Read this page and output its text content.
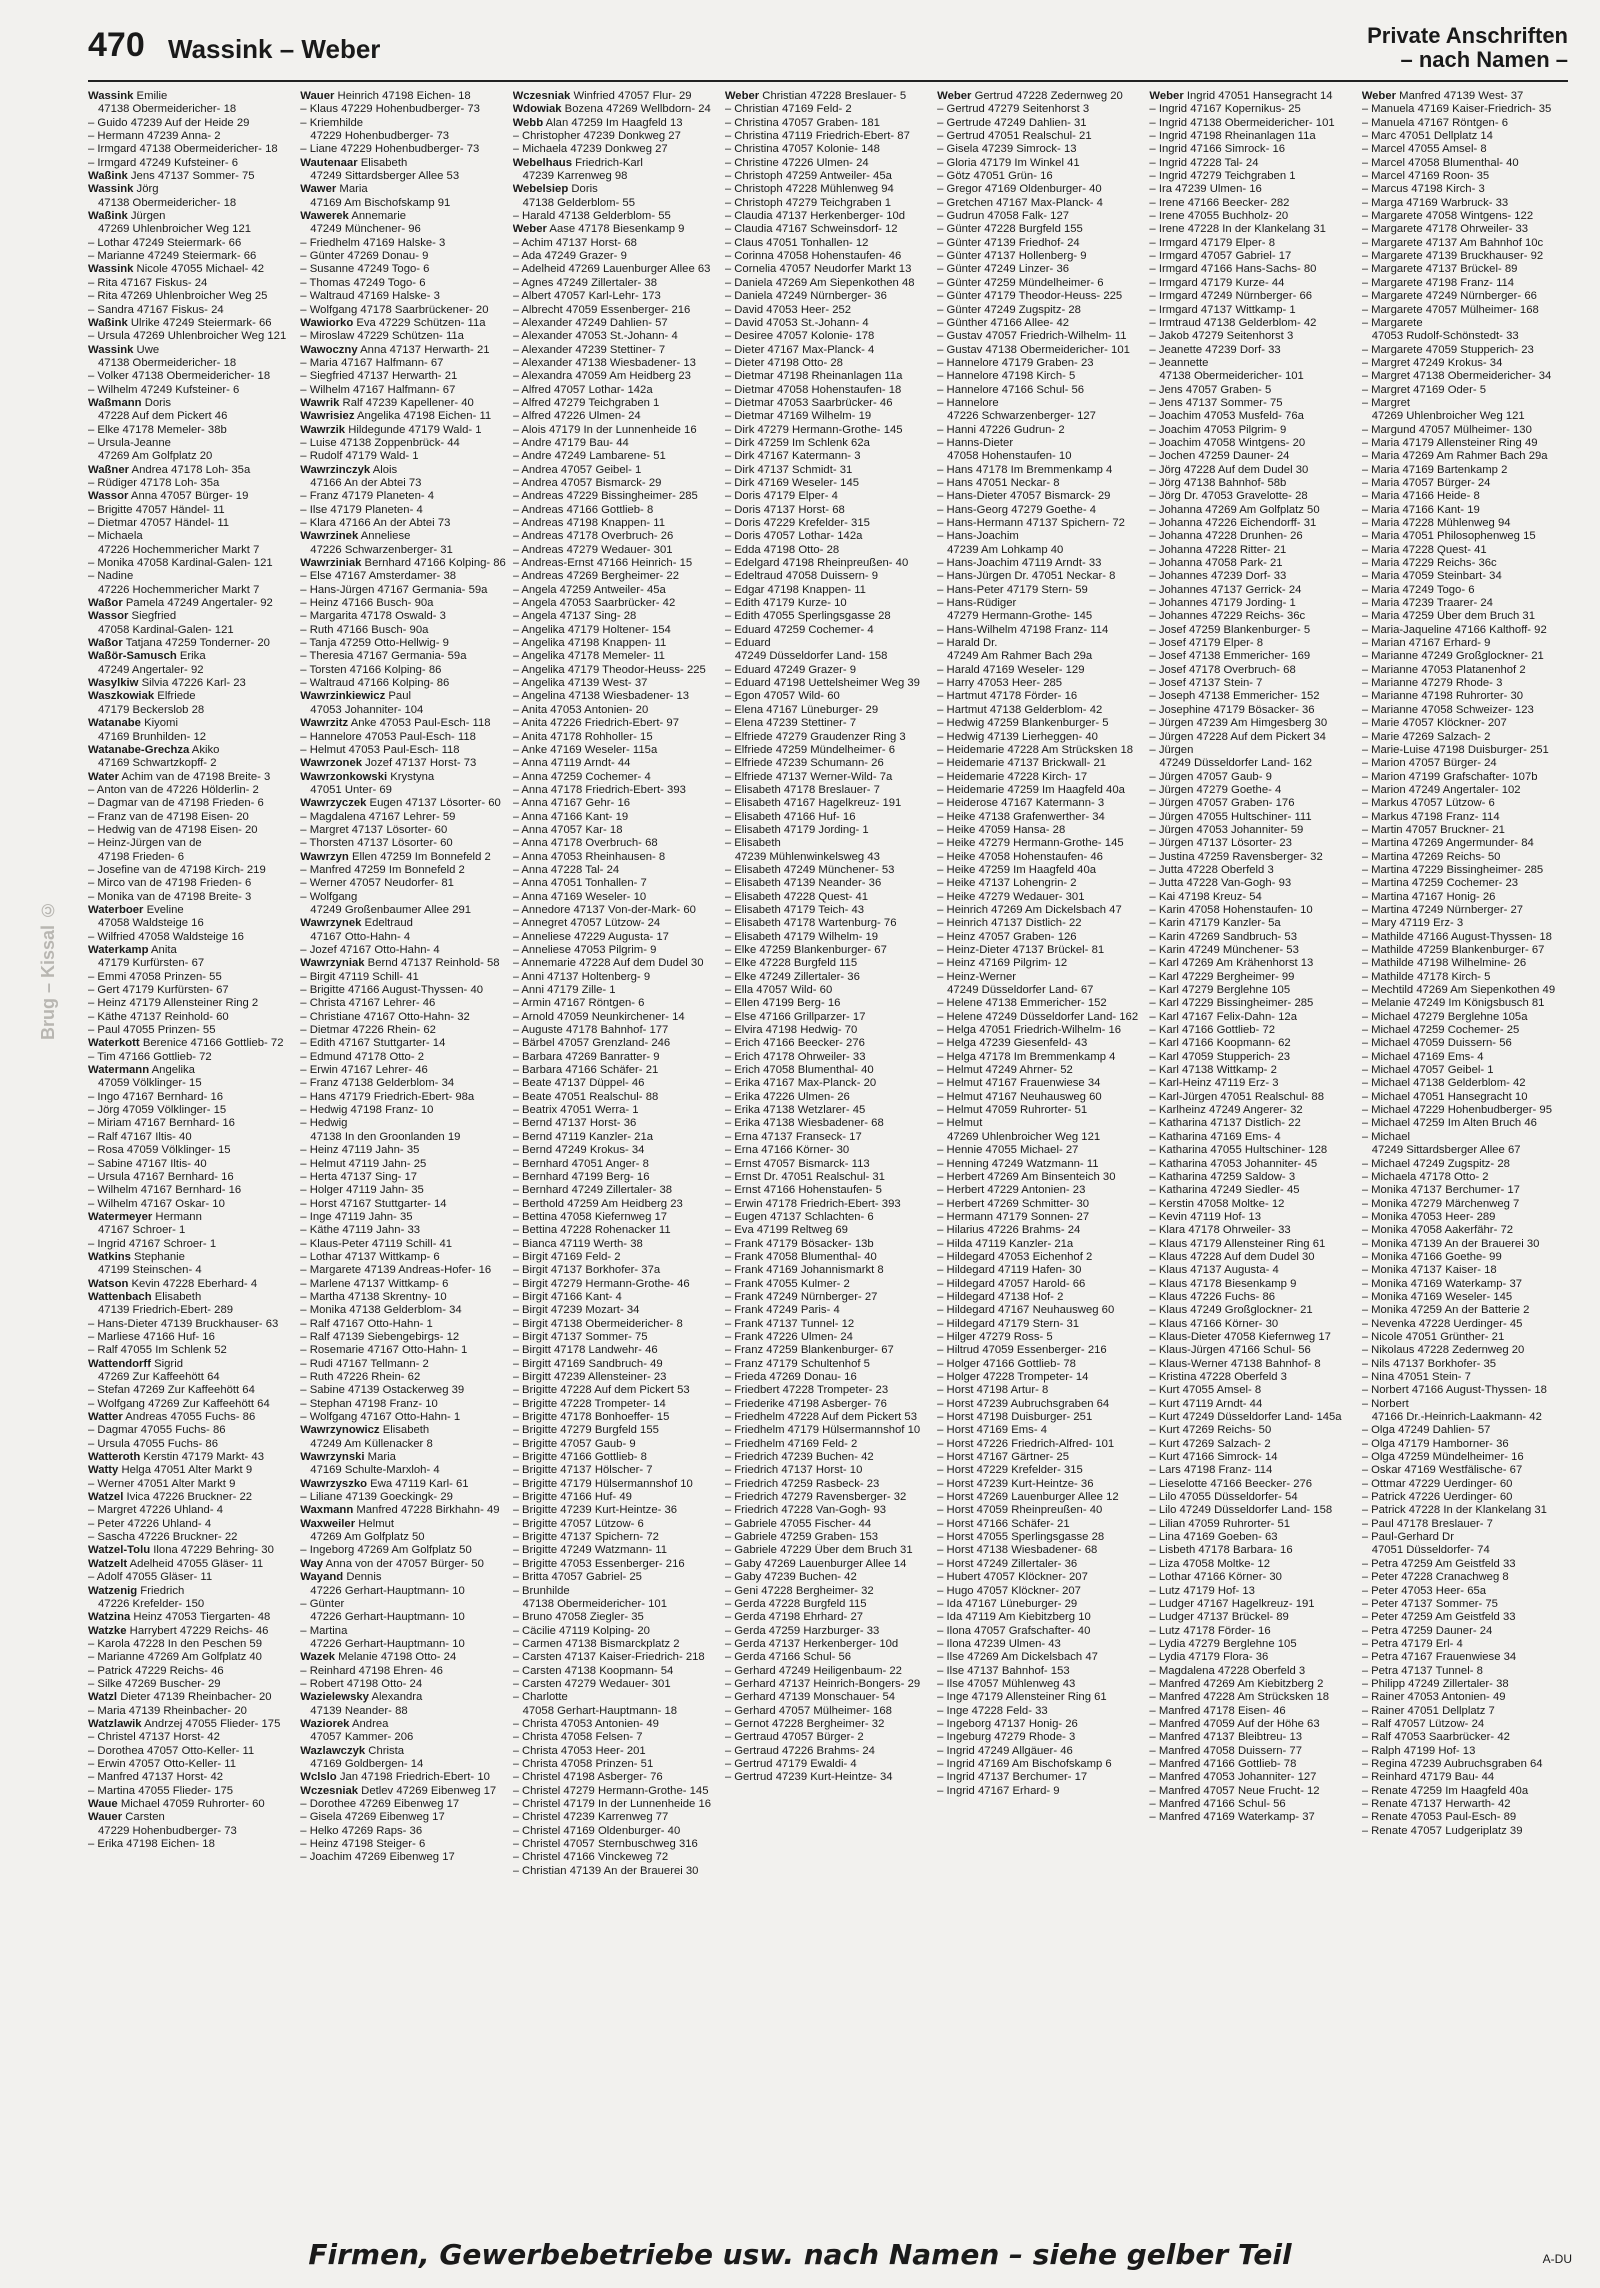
470 Wassink – Weber	Private Anschriften
– nach Namen –
Brug – Kissal ©
Wassink Emilie
47138 Obermeidericher- 18
– Guido 47239 Auf der Heide 29
– Hermann 47239 Anna- 2
– Irmgard 47138 Obermeidericher- 18
– Irmgard 47249 Kufsteiner- 6
Waßink Jens 47137 Sommer- 75
Wassink Jörg
47138 Obermeidericher- 18
Waßink Jürgen
47269 Uhlenbroicher Weg 121
– Lothar 47249 Steiermark- 66
– Marianne 47249 Steiermark- 66
Wassink Nicole 47055 Michael- 42
– Rita 47167 Fiskus- 24
– Rita 47269 Uhlenbroicher Weg 25
– Sandra 47167 Fiskus- 24
Waßink Ulrike 47249 Steiermark- 66
– Ursula 47269 Uhlenbroicher Weg 121
Wassink Uwe
47138 Obermeidericher- 18
– Volker 47138 Obermeidericher- 18
– Wilhelm 47249 Kufsteiner- 6
Waßmann Doris
47228 Auf dem Pickert 46
– Elke 47178 Memeler- 38b
– Ursula-Jeanne
47269 Am Golfplatz 20
Waßner Andrea 47178 Loh- 35a
– Rüdiger 47178 Loh- 35a
Wassor Anna 47057 Bürger- 19
– Brigitte 47057 Händel- 11
– Dietmar 47057 Händel- 11
– Michaela
47226 Hochemmericher Markt 7
– Monika 47058 Kardinal-Galen- 121
– Nadine
47226 Hochemmericher Markt 7
Waßor Pamela 47249 Angertaler- 92
Wassor Siegfried
47058 Kardinal-Galen- 121
Waßor Tatjana 47259 Tonderner- 20
Waßör-Samusch Erika
47249 Angertaler- 92
Wasylkiw Silvia 47226 Karl- 23
Waszkowiak Elfriede
47179 Beckerslob 28
Watanabe Kiyomi
47169 Brunhilden- 12
Watanabe-Grechza Akiko
47169 Schwartzkopff- 2
Water Achim van de 47198 Breite- 3
– Anton van de 47226 Hölderlin- 2
– Dagmar van de 47198 Frieden- 6
– Franz van de 47198 Eisen- 20
– Hedwig van de 47198 Eisen- 20
– Heinz-Jürgen van de
47198 Frieden- 6
– Josefine van de 47198 Kirch- 219
– Mirco van de 47198 Frieden- 6
– Monika van de 47198 Breite- 3
Waterboer Eveline
47058 Waldsteige 16
– Wilfried 47058 Waldsteige 16
Waterkamp Anita
47179 Kurfürsten- 67
– Emmi 47058 Prinzen- 55
– Gert 47179 Kurfürsten- 67
– Heinz 47179 Allensteiner Ring 2
– Käthe 47137 Reinhold- 60
– Paul 47055 Prinzen- 55
Waterkott Berenice 47166 Gottlieb- 72
– Tim 47166 Gottlieb- 72
Watermann Angelika
47059 Völklinger- 15
– Ingo 47167 Bernhard- 16
– Jörg 47059 Völklinger- 15
– Miriam 47167 Bernhard- 16
– Ralf 47167 Iltis- 40
– Rosa 47059 Völklinger- 15
– Sabine 47167 Iltis- 40
– Ursula 47167 Bernhard- 16
– Wilhelm 47167 Bernhard- 16
– Wilhelm 47167 Oskar- 10
Watermeyer Hermann
47167 Schroer- 1
– Ingrid 47167 Schroer- 1
Watkins Stephanie
47199 Steinschen- 4
Watson Kevin 47228 Eberhard- 4
Wattenbach Elisabeth
47139 Friedrich-Ebert- 289
– Hans-Dieter 47139 Bruckhauser- 63
– Marliese 47166 Huf- 16
– Ralf 47055 Im Schlenk 52
Wattendorff Sigrid
47269 Zur Kaffeehött 64
– Stefan 47269 Zur Kaffeehött 64
– Wolfgang 47269 Zur Kaffeehött 64
Watter Andreas 47055 Fuchs- 86
– Dagmar 47055 Fuchs- 86
– Ursula 47055 Fuchs- 86
Watteroth Kerstin 47179 Markt- 43
Watty Helga 47051 Alter Markt 9
– Werner 47051 Alter Markt 9
Watzel Ivica 47226 Bruckner- 22
– Margret 47226 Uhland- 4
– Peter 47226 Uhland- 4
– Sascha 47226 Bruckner- 22
Watzel-Tolu Ilona 47229 Behring- 30
Watzelt Adelheid 47055 Gläser- 11
– Adolf 47055 Gläser- 11
Watzenig Friedrich
47226 Krefelder- 150
Watzina Heinz 47053 Tiergarten- 48
Watzke Harrybert 47229 Reichs- 46
– Karola 47228 In den Peschen 59
– Marianne 47269 Am Golfplatz 40
– Patrick 47229 Reichs- 46
– Silke 47269 Buscher- 29
Watzl Dieter 47139 Rheinbacher- 20
– Maria 47139 Rheinbacher- 20
Watzlawik Andrzej 47055 Flieder- 175
– Christel 47137 Horst- 42
– Dorothea 47057 Otto-Keller- 11
– Erwin 47057 Otto-Keller- 11
– Manfred 47137 Horst- 42
– Martina 47055 Flieder- 175
Waue Michael 47059 Ruhrorter- 60
Wauer Carsten
47229 Hohenbudberger- 73
– Erika 47198 Eichen- 18
Wauer Heinrich 47198 Eichen- 18
– Klaus 47229 Hohenbudberger- 73
– Kriemhilde
47229 Hohenbudberger- 73
– Liane 47229 Hohenbudberger- 73
Wautenaar Elisabeth
47249 Sittardsberger Allee 53
Wawer Maria
47169 Am Bischofskamp 91
Wawerek Annemarie
47249 Münchener- 96
– Friedhelm 47169 Halske- 3
– Günter 47269 Donau- 9
– Susanne 47249 Togo- 6
– Thomas 47249 Togo- 6
– Waltraud 47169 Halske- 3
– Wolfgang 47178 Saarbrückener- 20
Wawiorko Eva 47229 Schützen- 11a
– Miroslaw 47229 Schützen- 11a
Wawoczny Anna 47137 Herwarth- 21
– Maria 47167 Halfmann- 67
– Siegfried 47137 Herwarth- 21
– Wilhelm 47167 Halfmann- 67
Wawrik Ralf 47239 Kapellener- 40
Wawrisiez Angelika 47198 Eichen- 11
Wawrzik Hildegunde 47179 Wald- 1
– Luise 47138 Zoppenbrück- 44
– Rudolf 47179 Wald- 1
Wawrzinczyk Alois
47166 An der Abtei 73
– Franz 47179 Planeten- 4
– Ilse 47179 Planeten- 4
– Klara 47166 An der Abtei 73
Wawrzinek Anneliese
47226 Schwarzenberger- 31
Wawrziniak Bernhard 47166 Kolping- 86
– Else 47167 Amsterdamer- 38
– Hans-Jürgen 47167 Germania- 59a
– Heinz 47166 Busch- 90a
– Margarita 47178 Oswald- 3
– Ruth 47166 Busch- 90a
– Tanja 47259 Otto-Hellwig- 9
– Theresia 47167 Germania- 59a
– Torsten 47166 Kolping- 86
– Waltraud 47166 Kolping- 86
Wawrzinkiewicz Paul
47053 Johanniter- 104
Wawrzitz Anke 47053 Paul-Esch- 118
– Hannelore 47053 Paul-Esch- 118
– Helmut 47053 Paul-Esch- 118
Wawrzonek Jozef 47137 Horst- 73
Wawrzonkowski Krystyna
47051 Unter- 69
Wawrzyczek Eugen 47137 Lösorter- 60
– Magdalena 47167 Lehrer- 59
– Margret 47137 Lösorter- 60
– Thorsten 47137 Lösorter- 60
Wawrzyn Ellen 47259 Im Bonnefeld 2
– Manfred 47259 Im Bonnefeld 2
– Werner 47057 Neudorfer- 81
– Wolfgang
47249 Großenbaumer Allee 291
Wawrzynek Edeltraud
47167 Otto-Hahn- 4
– Jozef 47167 Otto-Hahn- 4
Wawrzyniak Bernd 47137 Reinhold- 58
– Birgit 47119 Schill- 41
– Brigitte 47166 August-Thyssen- 40
– Christa 47167 Lehrer- 46
– Christiane 47167 Otto-Hahn- 32
– Dietmar 47226 Rhein- 62
– Edith 47167 Stuttgarter- 14
– Edmund 47178 Otto- 2
– Erwin 47167 Lehrer- 46
– Franz 47138 Gelderblom- 34
– Hans 47179 Friedrich-Ebert- 98a
– Hedwig 47198 Franz- 10
– Hedwig
47138 In den Groonlanden 19
– Heinz 47119 Jahn- 35
– Helmut 47119 Jahn- 25
– Herta 47137 Sing- 17
– Holger 47119 Jahn- 35
– Horst 47167 Stuttgarter- 14
– Inge 47119 Jahn- 35
– Käthe 47119 Jahn- 33
– Klaus-Peter 47119 Schill- 41
– Lothar 47137 Wittkamp- 6
– Margarete 47139 Andreas-Hofer- 16
– Marlene 47137 Wittkamp- 6
– Martha 47138 Skrentny- 10
– Monika 47138 Gelderblom- 34
– Ralf 47167 Otto-Hahn- 1
– Ralf 47139 Siebengebirgs- 12
– Rosemarie 47167 Otto-Hahn- 1
– Rudi 47167 Tellmann- 2
– Ruth 47226 Rhein- 62
– Sabine 47139 Ostackerweg 39
– Stephan 47198 Franz- 10
– Wolfgang 47167 Otto-Hahn- 1
Wawrzynowicz Elisabeth
47249 Am Küllenacker 8
Wawrzynski Maria
47169 Schulte-Marxloh- 4
Wawrzyszko Ewa 47119 Karl- 61
– Liliane 47139 Goeckingk- 29
Waxmann Manfred 47228 Birkhahn- 49
Waxweiler Helmut
47269 Am Golfplatz 50
– Ingeborg 47269 Am Golfplatz 50
Way Anna von der 47057 Bürger- 50
Wayand Dennis
47226 Gerhart-Hauptmann- 10
– Günter
47226 Gerhart-Hauptmann- 10
– Martina
47226 Gerhart-Hauptmann- 10
Wazek Melanie 47198 Otto- 24
– Reinhard 47198 Ehren- 46
– Robert 47198 Otto- 24
Wazielewsky Alexandra
47139 Neander- 88
Waziorek Andrea
47057 Kammer- 206
Wazlawczyk Christa
47169 Goldbergen- 14
Wclslo Jan 47198 Friedrich-Ebert- 10
Wczesniak Detlev 47269 Eibenweg 17
– Dorothee 47269 Eibenweg 17
– Gisela 47269 Eibenweg 17
– Helko 47269 Raps- 36
– Heinz 47198 Steiger- 6
– Joachim 47269 Eibenweg 17
Wczesniak Winfried 47057 Flur- 29
Wdowiak Bozena 47269 Wellbdorn- 24
Webb Alan 47259 Im Haagfeld 13
– Christopher 47239 Donkweg 27
– Michaela 47239 Donkweg 27
Webelhaus Friedrich-Karl
47239 Karrenweg 98
Webelsiep Doris
47138 Gelderblom- 55
– Harald 47138 Gelderblom- 55
Weber Aase 47178 Biesenkamp 9
– Achim 47137 Horst- 68
– Ada 47249 Grazer- 9
– Adelheid 47269 Lauenburger Allee 63
– Agnes 47249 Zillertaler- 38
– Albert 47057 Karl-Lehr- 173
– Albrecht 47059 Essenberger- 216
– Alexander 47249 Dahlien- 57
– Alexander 47053 St.-Johann- 4
– Alexander 47239 Stettiner- 7
– Alexander 47138 Wiesbadener- 13
– Alexandra 47059 Am Heidberg 23
– Alfred 47057 Lothar- 142a
– Alfred 47279 Teichgraben 1
– Alfred 47226 Ulmen- 24
– Alois 47179 In der Lunnenheide 16
– Andre 47179 Bau- 44
– Andre 47249 Lambarene- 51
– Andrea 47057 Geibel- 1
– Andrea 47057 Bismarck- 29
– Andreas 47229 Bissingheimer- 285
– Andreas 47166 Gottlieb- 8
– Andreas 47198 Knappen- 11
– Andreas 47178 Overbruch- 26
– Andreas 47279 Wedauer- 301
– Andreas-Ernst 47166 Heinrich- 15
– Andreas 47269 Bergheimer- 22
– Angela 47259 Antweiler- 45a
– Angela 47053 Saarbrücker- 42
– Angela 47137 Sing- 28
– Angelika 47179 Holtener- 154
– Angelika 47198 Knappen- 11
– Angelika 47178 Memeler- 11
– Angelika 47179 Theodor-Heuss- 225
– Angelika 47139 West- 37
– Angelina 47138 Wiesbadener- 13
– Anita 47053 Antonien- 20
– Anita 47226 Friedrich-Ebert- 97
– Anita 47178 Rohholler- 15
– Anke 47169 Weseler- 115a
– Anna 47119 Arndt- 44
– Anna 47259 Cochemer- 4
– Anna 47178 Friedrich-Ebert- 393
– Anna 47167 Gehr- 16
– Anna 47166 Kant- 19
– Anna 47057 Kar- 18
– Anna 47178 Overbruch- 68
– Anna 47053 Rheinhausen- 8
– Anna 47228 Tal- 24
– Anna 47051 Tonhallen- 7
– Anna 47169 Weseler- 10
– Annedore 47137 Von-der-Mark- 60
– Annegret 47057 Lützow- 24
– Anneliese 47229 Augusta- 17
– Anneliese 47053 Pilgrim- 9
– Annemarie 47228 Auf dem Dudel 30
– Anni 47137 Holtenberg- 9
– Anni 47179 Zille- 1
– Armin 47167 Röntgen- 6
– Arnold 47059 Neunkirchener- 14
– Auguste 47178 Bahnhof- 177
– Bärbel 47057 Grenzland- 246
– Barbara 47269 Banratter- 9
– Barbara 47166 Schäfer- 21
– Beate 47137 Düppel- 46
– Beate 47051 Realschul- 88
– Beatrix 47051 Werra- 1
– Bernd 47137 Horst- 36
– Bernd 47119 Kanzler- 21a
– Bernd 47249 Krokus- 34
– Bernhard 47051 Anger- 8
– Bernhard 47199 Berg- 16
– Bernhard 47249 Zillertaler- 38
– Berthold 47259 Am Heidberg 23
– Bettina 47058 Kiefernweg 17
– Bettina 47228 Rohenacker 11
– Bianca 47119 Werth- 38
– Birgit 47169 Feld- 2
– Birgit 47137 Borkhofer- 37a
– Birgit 47279 Hermann-Grothe- 46
– Birgit 47166 Kant- 4
– Birgit 47239 Mozart- 34
– Birgit 47138 Obermeidericher- 8
– Birgit 47137 Sommer- 75
– Birgitt 47178 Landwehr- 46
– Birgitt 47169 Sandbruch- 49
– Birgitt 47239 Allensteiner- 23
– Brigitte 47228 Auf dem Pickert 53
– Brigitte 47228 Trompeter- 14
– Brigitte 47178 Bonhoeffer- 15
– Brigitte 47279 Burgfeld 155
– Brigitte 47057 Gaub- 9
– Brigitte 47166 Gottlieb- 8
– Brigitte 47137 Hölscher- 7
– Brigitte 47179 Hülsermannshof 10
– Brigitte 47166 Huf- 49
– Brigitte 47239 Kurt-Heintze- 36
– Brigitte 47057 Lützow- 6
– Brigitte 47137 Spichern- 72
– Brigitte 47249 Watzmann- 11
– Brigitte 47053 Essenberger- 216
– Britta 47057 Gabriel- 25
– Brunhilde
47138 Obermeidericher- 101
– Bruno 47058 Ziegler- 35
– Cäcilie 47119 Kolping- 20
– Carmen 47138 Bismarckplatz 2
– Carsten 47137 Kaiser-Friedrich- 218
– Carsten 47138 Koopmann- 54
– Carsten 47279 Wedauer- 301
– Charlotte
47058 Gerhart-Hauptmann- 18
– Christa 47053 Antonien- 49
– Christa 47058 Felsen- 7
– Christa 47053 Heer- 201
– Christa 47058 Prinzen- 51
– Christel 47198 Asberger- 76
– Christel 47279 Hermann-Grothe- 145
– Christel 47179 In der Lunnenheide 16
– Christel 47239 Karrenweg 77
– Christel 47169 Oldenburger- 40
– Christel 47057 Sternbuschweg 316
– Christel 47166 Vinckeweg 72
– Christian 47139 An der Brauerei 30
Weber Christian 47228 Breslauer- 5
– Christian 47169 Feld- 2
– Christina 47057 Graben- 181
– Christina 47119 Friedrich-Ebert- 87
– Christina 47057 Kolonie- 148
– Christine 47226 Ulmen- 24
– Christoph 47259 Antweiler- 45a
– Christoph 47228 Mühlenweg 94
– Christoph 47279 Teichgraben 1
– Claudia 47137 Herkenberger- 10d
– Claudia 47167 Schweinsdorf- 12
– Claus 47051 Tonhallen- 12
– Corinna 47058 Hohenstaufen- 46
– Cornelia 47057 Neudorfer Markt 13
– Daniela 47269 Am Siepenkothen 48
– Daniela 47249 Nürnberger- 36
– David 47053 Heer- 252
– David 47053 St.-Johann- 4
– Desiree 47057 Kolonie- 178
– Dieter 47167 Max-Planck- 4
– Dieter 47198 Otto- 28
– Dietmar 47198 Rheinanlagen 11a
– Dietmar 47058 Hohenstaufen- 18
– Dietmar 47053 Saarbrücker- 46
– Dietmar 47169 Wilhelm- 19
– Dirk 47279 Hermann-Grothe- 145
– Dirk 47259 Im Schlenk 62a
– Dirk 47167 Katermann- 3
– Dirk 47137 Schmidt- 31
– Dirk 47169 Weseler- 145
– Doris 47179 Elper- 4
– Doris 47137 Horst- 68
– Doris 47229 Krefelder- 315
– Doris 47057 Lothar- 142a
– Edda 47198 Otto- 28
– Edelgard 47198 Rheinpreußen- 40
– Edeltraud 47058 Duissern- 9
– Edgar 47198 Knappen- 11
– Edith 47179 Kurze- 10
– Edith 47055 Sperlingsgasse 28
– Eduard 47259 Cochemer- 4
– Eduard
47249 Düsseldorfer Land- 158
– Eduard 47249 Grazer- 9
– Eduard 47198 Uettelsheimer Weg 39
– Egon 47057 Wild- 60
– Elena 47167 Lüneburger- 29
– Elena 47239 Stettiner- 7
– Elfriede 47279 Graudenzer Ring 3
– Elfriede 47259 Mündelheimer- 6
– Elfriede 47239 Schumann- 26
– Elfriede 47137 Werner-Wild- 7a
– Elisabeth 47178 Breslauer- 7
– Elisabeth 47167 Hagelkreuz- 191
– Elisabeth 47166 Huf- 16
– Elisabeth 47179 Jording- 1
– Elisabeth
47239 Mühlenwinkelsweg 43
– Elisabeth 47249 Münchener- 53
– Elisabeth 47139 Neander- 36
– Elisabeth 47228 Quest- 41
– Elisabeth 47179 Teich- 43
– Elisabeth 47178 Wartenburg- 76
– Elisabeth 47179 Wilhelm- 19
– Elke 47259 Blankenburger- 67
– Elke 47228 Burgfeld 115
– Elke 47249 Zillertaler- 36
– Ella 47057 Wild- 60
– Ellen 47199 Berg- 16
– Else 47166 Grillparzer- 17
– Elvira 47198 Hedwig- 70
– Erich 47166 Beecker- 276
– Erich 47178 Ohrweiler- 33
– Erich 47058 Blumenthal- 40
– Erika 47167 Max-Planck- 20
– Erika 47226 Ulmen- 26
– Erika 47138 Wetzlarer- 45
– Erika 47138 Wiesbadener- 68
– Erna 47137 Franseck- 17
– Erna 47166 Körner- 30
– Ernst 47057 Bismarck- 113
– Ernst Dr. 47051 Realschul- 31
– Ernst 47166 Hohenstaufen- 5
– Erwin 47178 Friedrich-Ebert- 393
– Eugen 47137 Schlachten- 6
– Eva 47199 Reltweg 69
– Frank 47179 Bösacker- 13b
– Frank 47058 Blumenthal- 40
– Frank 47169 Johannismarkt 8
– Frank 47055 Kulmer- 2
– Frank 47249 Nürnberger- 27
– Frank 47249 Paris- 4
– Frank 47137 Tunnel- 12
– Frank 47226 Ulmen- 24
– Franz 47259 Blankenburger- 67
– Franz 47179 Schultenhof 5
– Frieda 47269 Donau- 16
– Friedbert 47228 Trompeter- 23
– Friederike 47198 Asberger- 76
– Friedhelm 47228 Auf dem Pickert 53
– Friedhelm 47179 Hülsermannshof 10
– Friedhelm 47169 Feld- 2
– Friedrich 47239 Buchen- 42
– Friedrich 47137 Horst- 10
– Friedrich 47259 Rasbeck- 23
– Friedrich 47279 Ravensberger- 32
– Friedrich 47228 Van-Gogh- 93
– Gabriele 47055 Fischer- 44
– Gabriele 47259 Graben- 153
– Gabriele 47229 Über dem Bruch 31
– Gaby 47269 Lauenburger Allee 14
– Gaby 47239 Buchen- 42
– Geni 47228 Bergheimer- 32
– Gerda 47228 Burgfeld 115
– Gerda 47198 Ehrhard- 27
– Gerda 47259 Harzburger- 33
– Gerda 47137 Herkenberger- 10d
– Gerda 47166 Schul- 56
– Gerhard 47249 Heiligenbaum- 22
– Gerhard 47137 Heinrich-Bongers- 29
– Gerhard 47139 Monschauer- 54
– Gerhard 47057 Mülheimer- 168
– Gernot 47228 Bergheimer- 32
– Gertraud 47057 Bürger- 2
– Gertraud 47226 Brahms- 24
– Gertrud 47179 Ewaldi- 4
– Gertrud 47239 Kurt-Heintze- 34
Weber Gertrud 47228 Zedernweg 20
– Gertrud 47279 Seitenhorst 3
– Gertrude 47249 Dahlien- 31
– Gertrud 47051 Realschul- 21
– Gisela 47239 Simrock- 13
– Gloria 47179 Im Winkel 41
– Götz 47051 Grün- 16
– Gregor 47169 Oldenburger- 40
– Gretchen 47167 Max-Planck- 4
– Gudrun 47058 Falk- 127
– Günter 47228 Burgfeld 155
– Günter 47139 Friedhof- 24
– Günter 47137 Hollenberg- 9
– Günter 47249 Linzer- 36
– Günter 47259 Mündelheimer- 6
– Günter 47179 Theodor-Heuss- 225
– Günter 47249 Zugspitz- 28
– Günther 47166 Allee- 42
– Gustav 47057 Friedrich-Wilhelm- 11
– Gustav 47138 Obermeidericher- 101
– Hannelore 47179 Graben- 23
– Hannelore 47198 Kirch- 5
– Hannelore 47166 Schul- 56
– Hannelore
47226 Schwarzenberger- 127
– Hanni 47226 Gudrun- 2
– Hanns-Dieter
47058 Hohenstaufen- 10
– Hans 47178 Im Bremmenkamp 4
– Hans 47051 Neckar- 8
– Hans-Dieter 47057 Bismarck- 29
– Hans-Georg 47279 Goethe- 4
– Hans-Hermann 47137 Spichern- 72
– Hans-Joachim
47239 Am Lohkamp 40
– Hans-Joachim 47119 Arndt- 33
– Hans-Jürgen Dr. 47051 Neckar- 8
– Hans-Peter 47179 Stern- 59
– Hans-Rüdiger
47279 Hermann-Grothe- 145
– Hans-Wilhelm 47198 Franz- 114
– Harald Dr.
47249 Am Rahmer Bach 29a
– Harald 47169 Weseler- 129
– Harry 47053 Heer- 285
– Hartmut 47178 Förder- 16
– Hartmut 47138 Gelderblom- 42
– Hedwig 47259 Blankenburger- 5
– Hedwig 47139 Lierheggen- 40
– Heidemarie 47228 Am Strücksken 18
– Heidemarie 47137 Brickwall- 21
– Heidemarie 47228 Kirch- 17
– Heidemarie 47259 Im Haagfeld 40a
– Heiderose 47167 Katermann- 3
– Heike 47138 Grafenwerther- 34
– Heike 47059 Hansa- 28
– Heike 47279 Hermann-Grothe- 145
– Heike 47058 Hohenstaufen- 46
– Heike 47259 Im Haagfeld 40a
– Heike 47137 Lohengrin- 2
– Heike 47279 Wedauer- 301
– Heinrich 47269 Am Dickelsbach 47
– Heinrich 47137 Distlich- 22
– Heinz 47057 Graben- 126
– Heinz-Dieter 47137 Brückel- 81
– Heinz 47169 Pilgrim- 12
– Heinz-Werner
47249 Düsseldorfer Land- 67
– Helene 47138 Emmericher- 152
– Helene 47249 Düsseldorfer Land- 162
– Helga 47051 Friedrich-Wilhelm- 16
– Helga 47239 Giesenfeld- 43
– Helga 47178 Im Bremmenkamp 4
– Helmut 47249 Ahrner- 52
– Helmut 47167 Frauenwiese 34
– Helmut 47167 Neuhausweg 60
– Helmut 47059 Ruhrorter- 51
– Helmut
47269 Uhlenbroicher Weg 121
– Hennie 47055 Michael- 27
– Henning 47249 Watzmann- 11
– Herbert 47269 Am Binsenteich 30
– Herbert 47229 Antonien- 23
– Herbert 47269 Schmitter- 30
– Hermann 47179 Sonnen- 27
– Hilarius 47226 Brahms- 24
– Hilda 47119 Kanzler- 21a
– Hildegard 47053 Eichenhof 2
– Hildegard 47119 Hafen- 30
– Hildegard 47057 Harold- 66
– Hildegard 47138 Hof- 2
– Hildegard 47167 Neuhausweg 60
– Hildegard 47179 Stern- 31
– Hilger 47279 Ross- 5
– Hiltrud 47059 Essenberger- 216
– Holger 47166 Gottlieb- 78
– Holger 47228 Trompeter- 14
– Horst 47198 Artur- 8
– Horst 47239 Aubruchsgraben 64
– Horst 47198 Duisburger- 251
– Horst 47169 Ems- 4
– Horst 47226 Friedrich-Alfred- 101
– Horst 47167 Gärtner- 25
– Horst 47229 Krefelder- 315
– Horst 47239 Kurt-Heintze- 36
– Horst 47269 Lauenburger Allee 12
– Horst 47059 Rheinpreußen- 40
– Horst 47166 Schäfer- 21
– Horst 47055 Sperlingsgasse 28
– Horst 47138 Wiesbadener- 68
– Horst 47249 Zillertaler- 36
– Hubert 47057 Klöckner- 207
– Hugo 47057 Klöckner- 207
– Ida 47167 Lüneburger- 29
– Ida 47119 Am Kiebitzberg 10
– Ilona 47057 Grafschafter- 40
– Ilona 47239 Ulmen- 43
– Ilse 47269 Am Dickelsbach 47
– Ilse 47137 Bahnhof- 153
– Ilse 47057 Mühlenweg 43
– Inge 47179 Allensteiner Ring 61
– Inge 47228 Feld- 33
– Ingeborg 47137 Honig- 26
– Ingeburg 47279 Rhode- 3
– Ingrid 47249 Allgäuer- 46
– Ingrid 47169 Am Bischofskamp 6
– Ingrid 47137 Berchumer- 17
– Ingrid 47167 Erhard- 9
Weber Ingrid 47051 Hansegracht 14
– Ingrid 47167 Kopernikus- 25
– Ingrid 47138 Obermeidericher- 101
– Ingrid 47198 Rheinanlagen 11a
– Ingrid 47166 Simrock- 16
– Ingrid 47228 Tal- 24
– Ingrid 47279 Teichgraben 1
– Ira 47239 Ulmen- 16
– Irene 47166 Beecker- 282
– Irene 47055 Buchholz- 20
– Irene 47228 In der Klankelang 31
– Irmgard 47179 Elper- 8
– Irmgard 47057 Gabriel- 17
– Irmgard 47166 Hans-Sachs- 80
– Irmgard 47179 Kurze- 44
– Irmgard 47249 Nürnberger- 66
– Irmgard 47137 Wittkamp- 1
– Irmtraud 47138 Gelderblom- 42
– Jakob 47279 Seitenhorst 3
– Jeanette 47239 Dorf- 33
– Jeannette
47138 Obermeidericher- 101
– Jens 47057 Graben- 5
– Jens 47137 Sommer- 75
– Joachim 47053 Musfeld- 76a
– Joachim 47053 Pilgrim- 9
– Joachim 47058 Wintgens- 20
– Jochen 47259 Dauner- 24
– Jörg 47228 Auf dem Dudel 30
– Jörg 47138 Bahnhof- 58b
– Jörg Dr. 47053 Gravelotte- 28
– Johanna 47269 Am Golfplatz 50
– Johanna 47226 Eichendorff- 31
– Johanna 47228 Drunhen- 26
– Johanna 47228 Ritter- 21
– Johanna 47058 Park- 21
– Johannes 47239 Dorf- 33
– Johannes 47137 Gerrick- 24
– Johannes 47179 Jording- 1
– Johannes 47229 Reichs- 36c
– Josef 47259 Blankenburger- 5
– Josef 47179 Elper- 8
– Josef 47138 Emmericher- 169
– Josef 47178 Overbruch- 68
– Josef 47137 Stein- 7
– Joseph 47138 Emmericher- 152
– Josephine 47179 Bösacker- 36
– Jürgen 47239 Am Himgesberg 30
– Jürgen 47228 Auf dem Pickert 34
– Jürgen
47249 Düsseldorfer Land- 162
– Jürgen 47057 Gaub- 9
– Jürgen 47279 Goethe- 4
– Jürgen 47057 Graben- 176
– Jürgen 47055 Hultschiner- 111
– Jürgen 47053 Johanniter- 59
– Jürgen 47137 Lösorter- 23
– Justina 47259 Ravensberger- 32
– Jutta 47228 Oberfeld 3
– Jutta 47228 Van-Gogh- 93
– Kai 47198 Kreuz- 54
– Karin 47058 Hohenstaufen- 10
– Karin 47179 Kanzler- 5a
– Karin 47269 Sandbruch- 53
– Karin 47249 Münchener- 53
– Karl 47269 Am Krähenhorst 13
– Karl 47229 Bergheimer- 99
– Karl 47279 Berglehne 105
– Karl 47229 Bissingheimer- 285
– Karl 47167 Felix-Dahn- 12a
– Karl 47166 Gottlieb- 72
– Karl 47166 Koopmann- 62
– Karl 47059 Stupperich- 23
– Karl 47138 Wittkamp- 2
– Karl-Heinz 47119 Erz- 3
– Karl-Jürgen 47051 Realschul- 88
– Karlheinz 47249 Angerer- 32
– Katharina 47137 Distlich- 22
– Katharina 47169 Ems- 4
– Katharina 47055 Hultschiner- 128
– Katharina 47053 Johanniter- 45
– Katharina 47259 Saldow- 3
– Katharina 47249 Siedler- 45
– Kerstin 47058 Moltke- 12
– Kevin 47119 Hof- 13
– Klara 47178 Ohrweiler- 33
– Klaus 47179 Allensteiner Ring 61
– Klaus 47228 Auf dem Dudel 30
– Klaus 47137 Augusta- 4
– Klaus 47178 Biesenkamp 9
– Klaus 47226 Fuchs- 86
– Klaus 47249 Großglockner- 21
– Klaus 47166 Körner- 30
– Klaus-Dieter 47058 Kiefernweg 17
– Klaus-Jürgen 47166 Schul- 56
– Klaus-Werner 47138 Bahnhof- 8
– Kristina 47228 Oberfeld 3
– Kurt 47055 Amsel- 8
– Kurt 47119 Arndt- 44
– Kurt 47249 Düsseldorfer Land- 145a
– Kurt 47269 Reichs- 50
– Kurt 47269 Salzach- 2
– Kurt 47166 Simrock- 14
– Lars 47198 Franz- 114
– Lieselotte 47166 Beecker- 276
– Lilo 47055 Düsseldorfer- 54
– Lilo 47249 Düsseldorfer Land- 158
– Lilian 47059 Ruhrorter- 51
– Lina 47169 Goeben- 63
– Lisbeth 47178 Barbara- 16
– Liza 47058 Moltke- 12
– Lothar 47166 Körner- 30
– Lutz 47179 Hof- 13
– Ludger 47167 Hagelkreuz- 191
– Ludger 47137 Brückel- 89
– Lutz 47178 Förder- 16
– Lydia 47279 Berglehne 105
– Lydia 47179 Flora- 36
– Magdalena 47228 Oberfeld 3
– Manfred 47269 Am Kiebitzberg 2
– Manfred 47228 Am Strücksken 18
– Manfred 47178 Eisen- 46
– Manfred 47059 Auf der Höhe 63
– Manfred 47137 Bleibtreu- 13
– Manfred 47058 Duissern- 77
– Manfred 47166 Gottlieb- 78
– Manfred 47053 Johanniter- 127
– Manfred 47057 Neue Frucht- 12
– Manfred 47166 Schul- 56
– Manfred 47169 Waterkamp- 37
Weber Manfred 47139 West- 37
– Manuela 47169 Kaiser-Friedrich- 35
– Manuela 47167 Röntgen- 6
– Marc 47051 Dellplatz 14
– Marcel 47055 Amsel- 8
– Marcel 47058 Blumenthal- 40
– Marcel 47169 Roon- 35
– Marcus 47198 Kirch- 3
– Marga 47169 Warbruck- 33
– Margarete 47058 Wintgens- 122
– Margarete 47178 Ohrweiler- 33
– Margarete 47137 Am Bahnhof 10c
– Margarete 47139 Bruckhauser- 92
– Margarete 47137 Brückel- 89
– Margarete 47198 Franz- 114
– Margarete 47249 Nürnberger- 66
– Margarete 47057 Mülheimer- 168
– Margarete
47053 Rudolf-Schönstedt- 33
– Margarete 47059 Stupperich- 23
– Margret 47249 Krokus- 34
– Margret 47138 Obermeidericher- 34
– Margret 47169 Oder- 5
– Margret
47269 Uhlenbroicher Weg 121
– Margund 47057 Mülheimer- 130
– Maria 47179 Allensteiner Ring 49
– Maria 47269 Am Rahmer Bach 29a
– Maria 47169 Bartenkamp 2
– Maria 47057 Bürger- 24
– Maria 47166 Heide- 8
– Maria 47166 Kant- 19
– Maria 47228 Mühlenweg 94
– Maria 47051 Philosophenweg 15
– Maria 47228 Quest- 41
– Maria 47229 Reichs- 36c
– Maria 47059 Steinbart- 34
– Maria 47249 Togo- 6
– Maria 47239 Traarer- 24
– Maria 47259 Über dem Bruch 31
– Maria-Jaqueline 47166 Kalthoff- 92
– Marian 47167 Erhard- 9
– Marianne 47249 Großglockner- 21
– Marianne 47053 Platanenhof 2
– Marianne 47279 Rhode- 3
– Marianne 47198 Ruhrorter- 30
– Marianne 47058 Schweizer- 123
– Marie 47057 Klöckner- 207
– Marie 47269 Salzach- 2
– Marie-Luise 47198 Duisburger- 251
– Marion 47057 Bürger- 24
– Marion 47199 Grafschafter- 107b
– Marion 47249 Angertaler- 102
– Markus 47057 Lützow- 6
– Markus 47198 Franz- 114
– Martin 47057 Bruckner- 21
– Martina 47269 Angermunder- 84
– Martina 47269 Reichs- 50
– Martina 47229 Bissingheimer- 285
– Martina 47259 Cochemer- 23
– Martina 47167 Honig- 26
– Martina 47249 Nürnberger- 27
– Mary 47119 Erz- 3
– Mathilde 47166 August-Thyssen- 18
– Mathilde 47259 Blankenburger- 67
– Mathilde 47198 Wilhelmine- 26
– Mathilde 47178 Kirch- 5
– Mechtild 47269 Am Siepenkothen 49
– Melanie 47249 Im Königsbusch 81
– Michael 47279 Berglehne 105a
– Michael 47259 Cochemer- 25
– Michael 47059 Duissern- 56
– Michael 47169 Ems- 4
– Michael 47057 Geibel- 1
– Michael 47138 Gelderblom- 42
– Michael 47051 Hansegracht 10
– Michael 47229 Hohenbudberger- 95
– Michael 47259 Im Alten Bruch 46
– Michael
47249 Sittardsberger Allee 67
– Michael 47249 Zugspitz- 28
– Michaela 47178 Otto- 2
– Monika 47137 Berchumer- 17
– Monika 47279 Märchenweg 7
– Monika 47053 Heer- 289
– Monika 47058 Aakerfähr- 72
– Monika 47139 An der Brauerei 30
– Monika 47166 Goethe- 99
– Monika 47137 Kaiser- 18
– Monika 47169 Waterkamp- 37
– Monika 47169 Weseler- 145
– Monika 47259 An der Batterie 2
– Nevenka 47228 Uerdinger- 45
– Nicole 47051 Grünther- 21
– Nikolaus 47228 Zedernweg 20
– Nils 47137 Borkhofer- 35
– Nina 47051 Stein- 7
– Norbert 47166 August-Thyssen- 18
– Norbert
47166 Dr.-Heinrich-Laakmann- 42
– Olga 47249 Dahlien- 57
– Olga 47179 Hamborner- 36
– Olga 47259 Mündelheimer- 16
– Oskar 47169 Westfälische- 67
– Ottmar 47229 Uerdinger- 60
– Patrick 47226 Uerdinger- 60
– Patrick 47228 In der Klankelang 31
– Paul 47178 Breslauer- 7
– Paul-Gerhard Dr
47051 Düsseldorfer- 74
– Petra 47259 Am Geistfeld 33
– Peter 47228 Cranachweg 8
– Peter 47053 Heer- 65a
– Peter 47137 Sommer- 75
– Peter 47259 Am Geistfeld 33
– Petra 47259 Dauner- 24
– Petra 47179 Erl- 4
– Petra 47167 Frauenwiese 34
– Petra 47137 Tunnel- 8
– Philipp 47249 Zillertaler- 38
– Rainer 47053 Antonien- 49
– Rainer 47051 Dellplatz 7
– Ralf 47057 Lützow- 24
– Ralf 47053 Saarbrücker- 42
– Ralph 47199 Hof- 13
– Regina 47239 Aubruchsgraben 64
– Reinhard 47179 Bau- 44
– Renate 47259 Im Haagfeld 40a
– Renate 47137 Herwarth- 42
– Renate 47053 Paul-Esch- 89
– Renate 47057 Ludgeriplatz 39
Firmen, Gewerbebetriebe usw. nach Namen – siehe gelber Teil	A-DU
